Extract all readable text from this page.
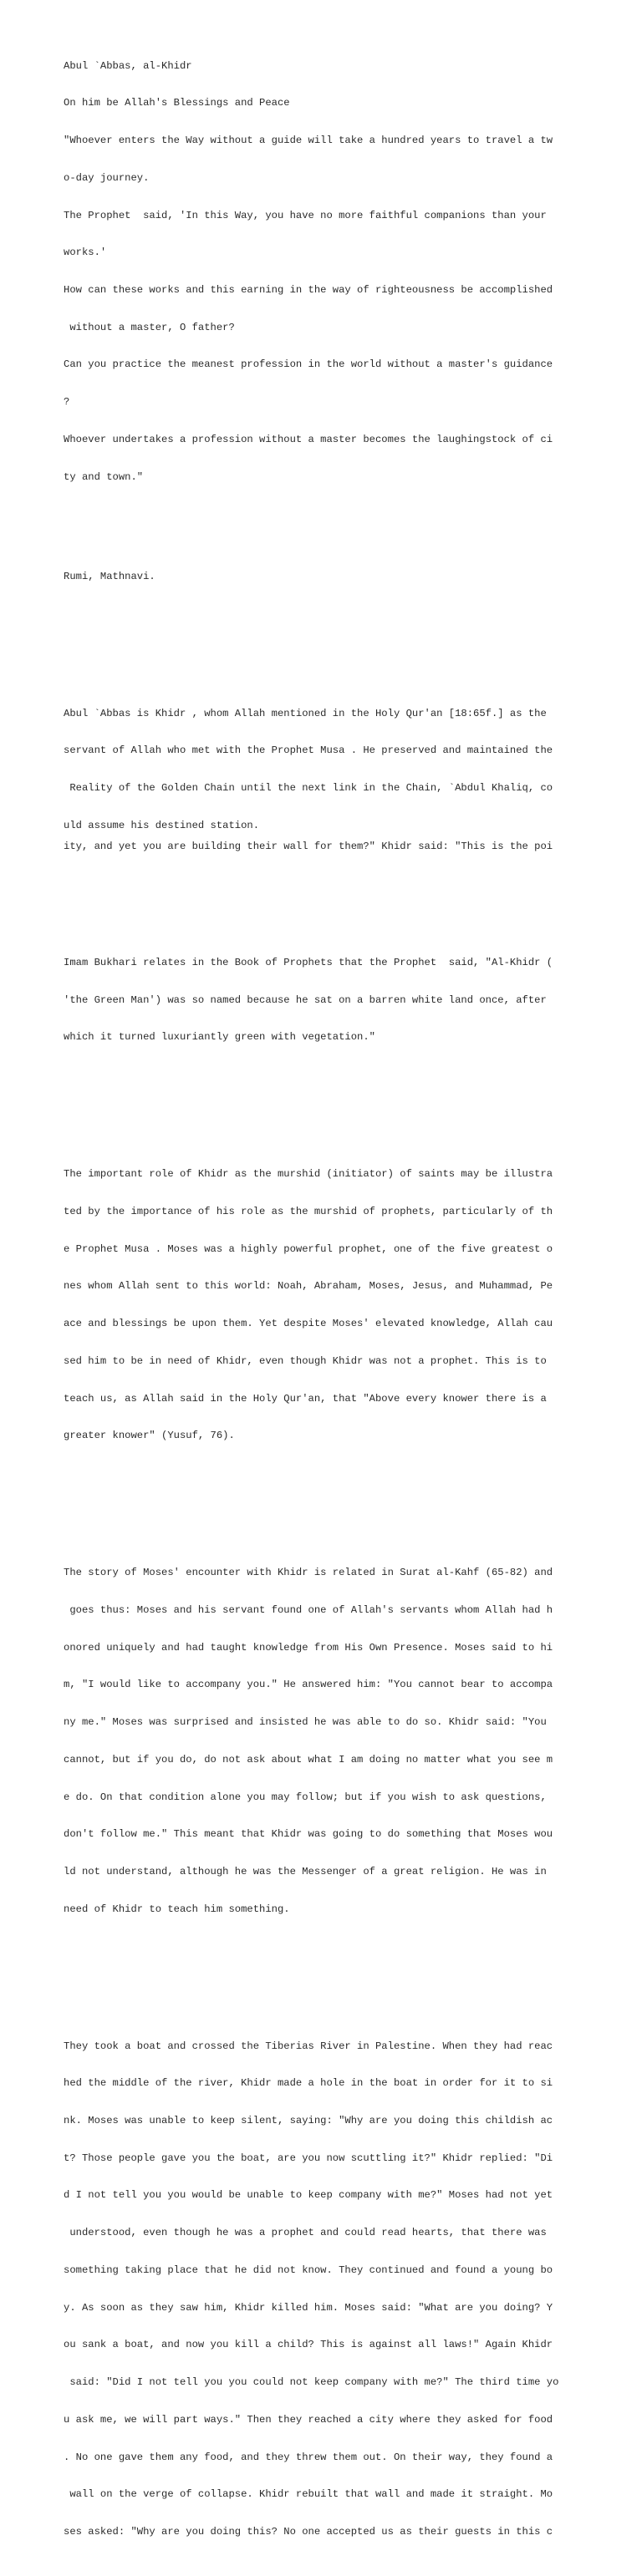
Abul `Abbas, al-Khidr

On him be Allah's Blessings and Peace

"Whoever enters the Way without a guide will take a hundred years to travel a tw

o-day journey.

The Prophet  said, 'In this Way, you have no more faithful companions than your

works.'

How can these works and this earning in the way of righteousness be accomplished

without a master, O father?

Can you practice the meanest profession in the world without a master's guidance

?

Whoever undertakes a profession without a master becomes the laughingstock of ci

ty and town."

Rumi, Mathnavi.

Abul `Abbas is Khidr , whom Allah mentioned in the Holy Qur'an [18:65f.] as the

servant of Allah who met with the Prophet Musa . He preserved and maintained the

Reality of the Golden Chain until the next link in the Chain, `Abdul Khaliq, co

uld assume his destined station.

Imam Bukhari relates in the Book of Prophets that the Prophet  said, "Al-Khidr (

'the Green Man') was so named because he sat on a barren white land once, after

which it turned luxuriantly green with vegetation."

The important role of Khidr as the murshid (initiator) of saints may be illustra

ted by the importance of his role as the murshid of prophets, particularly of th

e Prophet Musa . Moses was a highly powerful prophet, one of the five greatest o

nes whom Allah sent to this world: Noah, Abraham, Moses, Jesus, and Muhammad, Pe

ace and blessings be upon them. Yet despite Moses' elevated knowledge, Allah cau

sed him to be in need of Khidr, even though Khidr was not a prophet. This is to

teach us, as Allah said in the Holy Qur'an, that "Above every knower there is a

greater knower" (Yusuf, 76).

The story of Moses' encounter with Khidr is related in Surat al-Kahf (65-82) and

goes thus: Moses and his servant found one of Allah's servants whom Allah had h

onored uniquely and had taught knowledge from His Own Presence. Moses said to hi

m, "I would like to accompany you." He answered him: "You cannot bear to accompa

ny me." Moses was surprised and insisted he was able to do so. Khidr said: "You

cannot, but if you do, do not ask about what I am doing no matter what you see m

e do. On that condition alone you may follow; but if you wish to ask questions,

don't follow me." This meant that Khidr was going to do something that Moses wou

ld not understand, although he was the Messenger of a great religion. He was in

need of Khidr to teach him something.

They took a boat and crossed the Tiberias River in Palestine. When they had reac

hed the middle of the river, Khidr made a hole in the boat in order for it to si

nk. Moses was unable to keep silent, saying: "Why are you doing this childish ac

t? Those people gave you the boat, are you now scuttling it?" Khidr replied: "Di

d I not tell you you would be unable to keep company with me?" Moses had not yet

understood, even though he was a prophet and could read hearts, that there was

something taking place that he did not know. They continued and found a young bo

y. As soon as they saw him, Khidr killed him. Moses said: "What are you doing? Y

ou sank a boat, and now you kill a child? This is against all laws!" Again Khidr

said: "Did I not tell you you could not keep company with me?" The third time yo

u ask me, we will part ways." Then they reached a city where they asked for food

. No one gave them any food, and they threw them out. On their way, they found a

wall on the verge of collapse. Khidr rebuilt that wall and made it straight. Mo

ses asked: "Why are you doing this? No one accepted us as their guests in this c

ity, and yet you are building their wall for them?" Khidr said: "This is the poi
